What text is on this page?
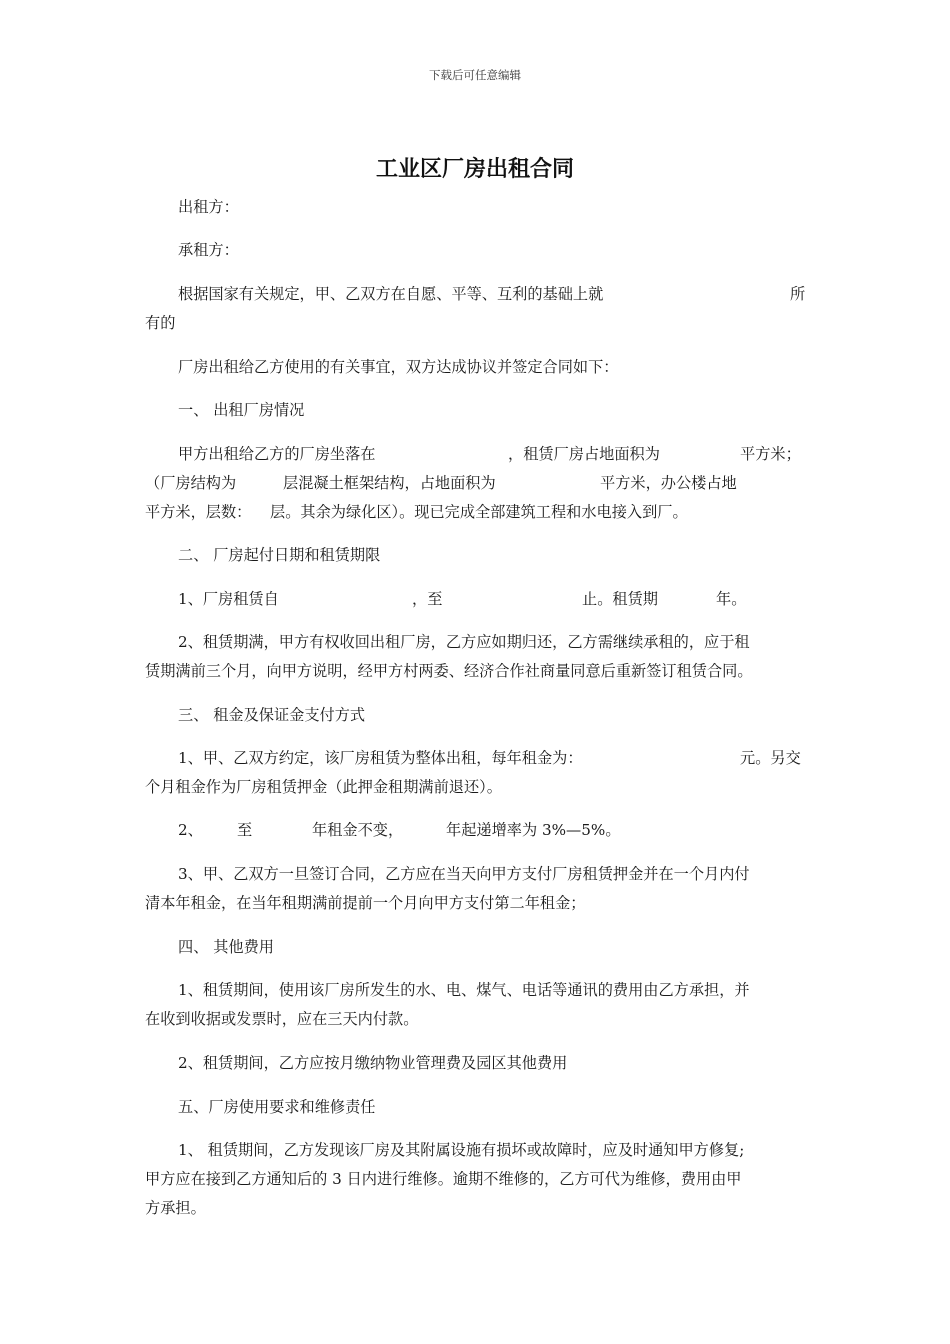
下载后可任意编辑
工业区厂房出租合同
出租方：
承租方：
根据国家有关规定，甲、乙双方在自愿、平等、互利的基础上就	所
有的
厂房出租给乙方使用的有关事宜，双方达成协议并签定合同如下：
一、 出租厂房情况
甲方出租给乙方的厂房坐落在	，租赁厂房占地面积为	平方米；
（厂房结构为	层混凝土框架结构，占地面积为	平方米，办公楼占地
平方米，层数： 层。其余为绿化区）。现已完成全部建筑工程和水电接入到厂。
二、 厂房起付日期和租赁期限
1、厂房租赁自	，至	止。租赁期	年。
2、租赁期满，甲方有权收回出租厂房，乙方应如期归还，乙方需继续承租的，应于租
赁期满前三个月，向甲方说明，经甲方村两委、经济合作社商量同意后重新签订租赁合同。
三、 租金及保证金支付方式
1、甲、乙双方约定，该厂房租赁为整体出租，每年租金为：	元。另交
个月租金作为厂房租赁押金（此押金租期满前退还）。
2、 至	年租金不变，	年起递增率为 3%—5%。
3、甲、乙双方一旦签订合同，乙方应在当天向甲方支付厂房租赁押金并在一个月内付
清本年租金，在当年租期满前提前一个月向甲方支付第二年租金；
四、 其他费用
1、租赁期间，使用该厂房所发生的水、电、煤气、电话等通讯的费用由乙方承担，并
在收到收据或发票时，应在三天内付款。
2、租赁期间，乙方应按月缴纳物业管理费及园区其他费用
五、厂房使用要求和维修责任
1、 租赁期间，乙方发现该厂房及其附属设施有损坏或故障时，应及时通知甲方修复;
甲方应在接到乙方通知后的 3 日内进行维修。逾期不维修的，乙方可代为维修，费用由甲
方承担。
